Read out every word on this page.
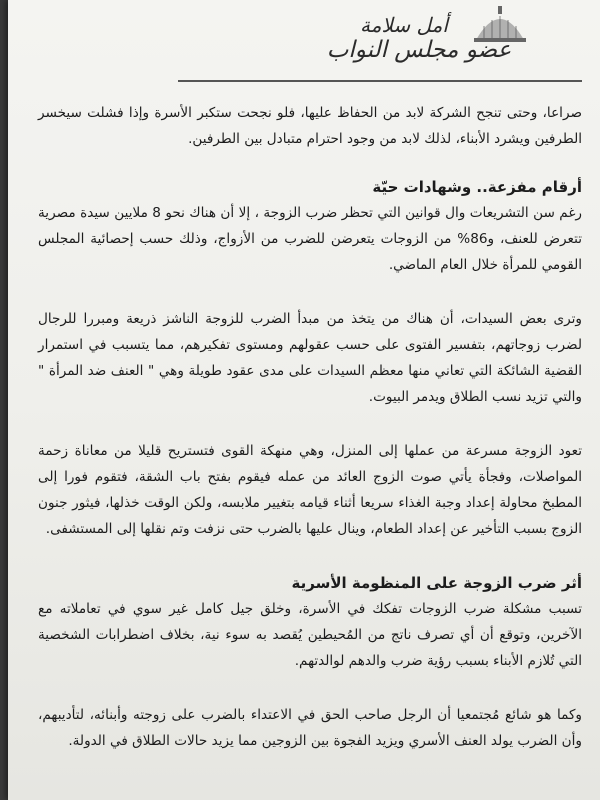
أمل سلامة
عضو مجلس النواب

صراعا، وحتى تنجح الشركة لابد من الحفاظ عليها، فلو نجحت ستكبر الأسرة وإذا فشلت سيخسر الطرفين ويشرد الأبناء، لذلك لابد من وجود احترام متبادل بين الطرفين.

أرقام مفزعة.. وشهادات حيّة

رغم سن التشريعات وال قوانين التي تحظر ضرب الزوجة ، إلا أن هناك نحو 8 ملايين سيدة مصرية تتعرض للعنف، و86% من الزوجات يتعرضن للضرب من الأزواج، وذلك حسب إحصائية المجلس القومي للمرأة خلال العام الماضي.

وترى بعض السيدات، أن هناك من يتخذ من مبدأ الضرب للزوجة الناشز ذريعة ومبررا للرجال لضرب زوجاتهم، بتفسير الفتوى على حسب عقولهم ومستوى تفكيرهم، مما يتسبب في استمرار القضية الشائكة التي تعاني منها معظم السيدات على مدى عقود طويلة وهي " العنف ضد المرأة " والتي تزيد نسب الطلاق ويدمر البيوت.

تعود الزوجة مسرعة من عملها إلى المنزل، وهي منهكة القوى فتستريح قليلا من معاناة زحمة المواصلات، وفجأة يأتي صوت الزوج العائد من عمله فيقوم بفتح باب الشقة، فتقوم فورا إلى المطبخ محاولة إعداد وجبة الغذاء سريعا أثناء قيامه بتغيير ملابسه، ولكن الوقت خذلها، فيثور جنون الزوج بسبب التأخير عن إعداد الطعام، وينال عليها بالضرب حتى نزفت وتم نقلها إلى المستشفى.

أثر ضرب الزوجة على المنظومة الأسرية

تسبب مشكلة ضرب الزوجات تفكك في الأسرة، وخلق جيل كامل غير سوي في تعاملاته مع الآخرين، وتوقع أن أي تصرف ناتج من المُحيطين يُقصد به سوء نية، بخلاف اضطرابات الشخصية التي تُلازم الأبناء بسبب رؤية ضرب والدهم لوالدتهم.

وكما هو شائع مُجتمعيا أن الرجل صاحب الحق في الاعتداء بالضرب على زوجته وأبنائه، لتأديبهم، وأن الضرب يولد العنف الأسري ويزيد الفجوة بين الزوجين مما يزيد حالات الطلاق في الدولة.
